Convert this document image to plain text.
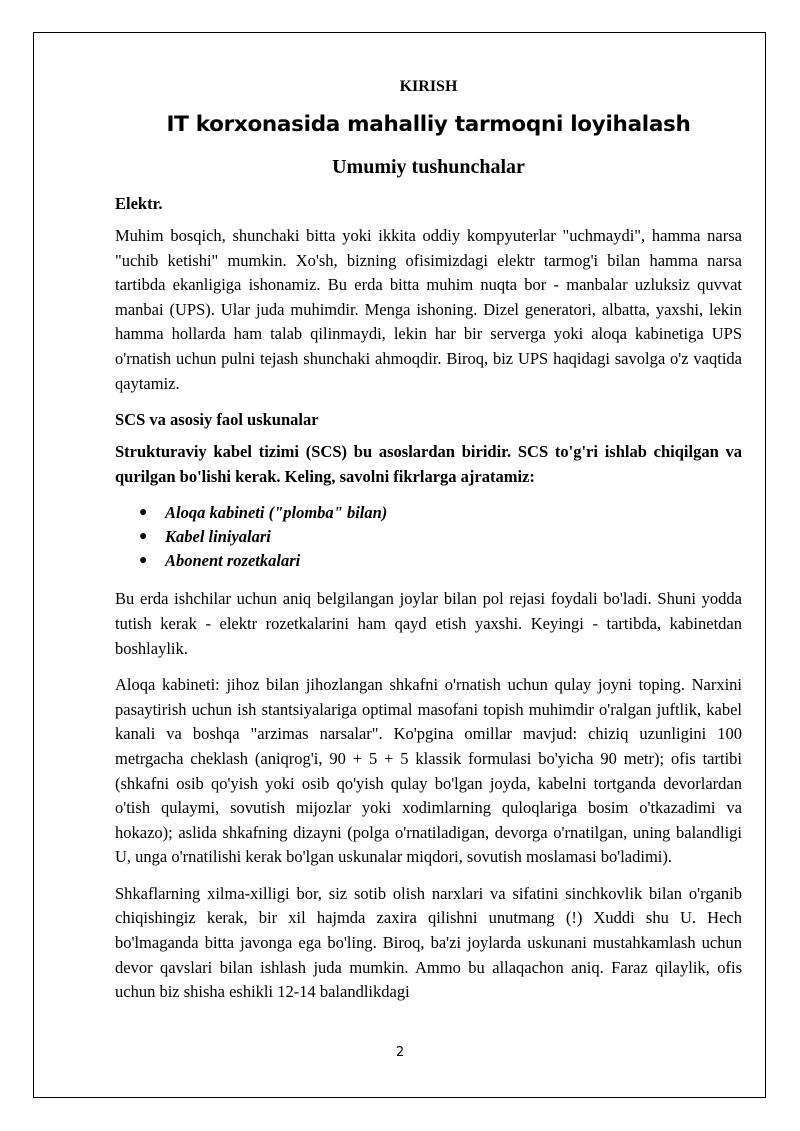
KIRISH
IT korxonasida mahalliy tarmoqni loyihalash
Umumiy tushunchalar
Elektr.

Muhim bosqich, shunchaki bitta yoki ikkita oddiy kompyuterlar "uchmaydi", hamma narsa "uchib ketishi" mumkin. Xo'sh, bizning ofisimizdagi elektr tarmog'i bilan hamma narsa tartibda ekanligiga ishonamiz. Bu erda bitta muhim nuqta bor - manbalar uzluksiz quvvat manbai (UPS). Ular juda muhimdir. Menga ishoning. Dizel generatori, albatta, yaxshi, lekin hamma hollarda ham talab qilinmaydi, lekin har bir serverga yoki aloqa kabinetiga UPS o'rnatish uchun pulni tejash shunchaki ahmoqdir. Biroq, biz UPS haqidagi savolga o'z vaqtida qaytamiz.

SCS va asosiy faol uskunalar

Strukturaviy kabel tizimi (SCS) bu asoslardan biridir. SCS to'g'ri ishlab chiqilgan va qurilgan bo'lishi kerak. Keling, savolni fikrlarga ajratamiz:

● Aloqa kabineti ("plomba" bilan)
● Kabel liniyalari
● Abonent rozetkalari

Bu erda ishchilar uchun aniq belgilangan joylar bilan pol rejasi foydali bo'ladi. Shuni yodda tutish kerak - elektr rozetkalarini ham qayd etish yaxshi. Keyingi - tartibda, kabinetdan boshlaylik.

Aloqa kabineti: jihoz bilan jihozlangan shkafni o'rnatish uchun qulay joyni toping. Narxini pasaytirish uchun ish stantsiyalariga optimal masofani topish muhimdir o'ralgan juftlik, kabel kanali va boshqa "arzimas narsalar". Ko'pgina omillar mavjud: chiziq uzunligini 100 metrgacha cheklash (aniqrog'i, 90 + 5 + 5 klassik formulasi bo'yicha 90 metr); ofis tartibi (shkafni osib qo'yish yoki osib qo'yish qulay bo'lgan joyda, kabelni tortganda devorlardan o'tish qulaymi, sovutish mijozlar yoki xodimlarning quloqlariga bosim o'tkazadimi va hokazo); aslida shkafning dizayni (polga o'rnatiladigan, devorga o'rnatilgan, uning balandligi U, unga o'rnatilishi kerak bo'lgan uskunalar miqdori, sovutish moslamasi bo'ladimi).

Shkaflarning xilma-xilligi bor, siz sotib olish narxlari va sifatini sinchkovlik bilan o'rganib chiqishingiz kerak, bir xil hajmda zaxira qilishni unutmang (!) Xuddi shu U. Hech bo'lmaganda bitta javonga ega bo'ling. Biroq, ba'zi joylarda uskunani mustahkamlash uchun devor qavslari bilan ishlash juda mumkin. Ammo bu allaqachon aniq. Faraz qilaylik, ofis uchun biz shisha eshikli 12-14 balandlikdagi

2
